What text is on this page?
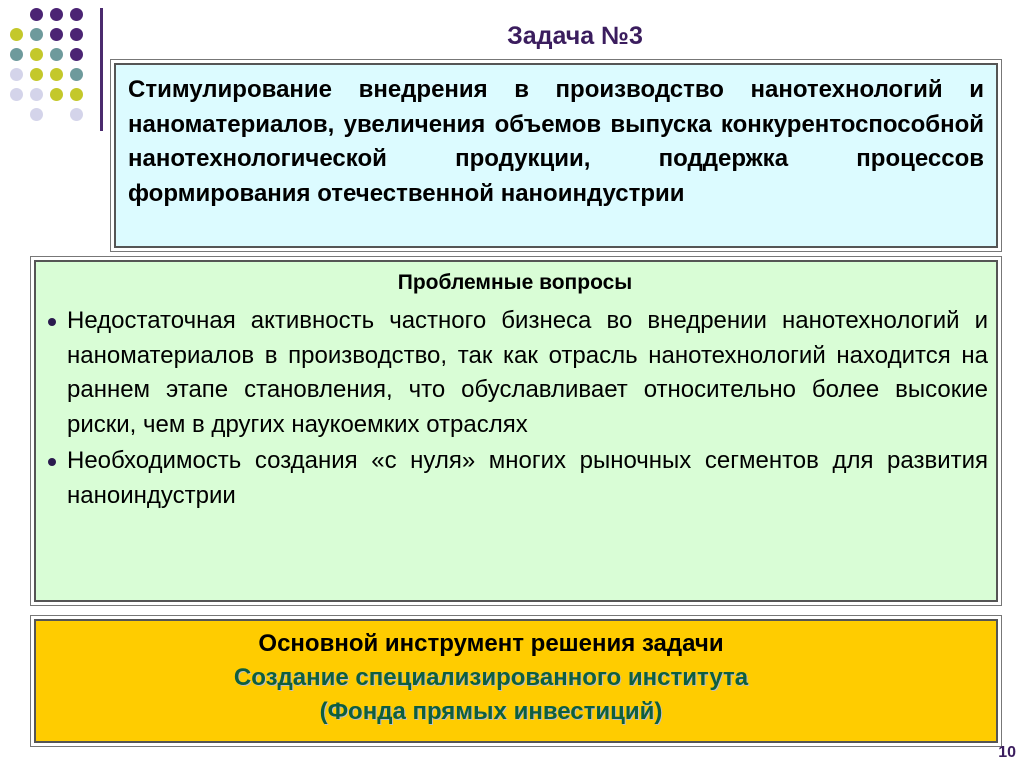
Задача №3
Стимулирование внедрения в производство нанотехнологий и наноматериалов, увеличения объемов выпуска конкурентоспособной нанотехнологической продукции, поддержка процессов формирования отечественной наноиндустрии
Проблемные вопросы
Недостаточная активность частного бизнеса во внедрении нанотехнологий и наноматериалов в производство, так как отрасль нанотехнологий находится на раннем этапе становления, что обуславливает относительно более высокие риски, чем в других наукоемких отраслях
Необходимость создания «с нуля» многих рыночных сегментов для развития наноиндустрии
Основной инструмент решения задачи
Создание специализированного института
(Фонда прямых инвестиций)
10
